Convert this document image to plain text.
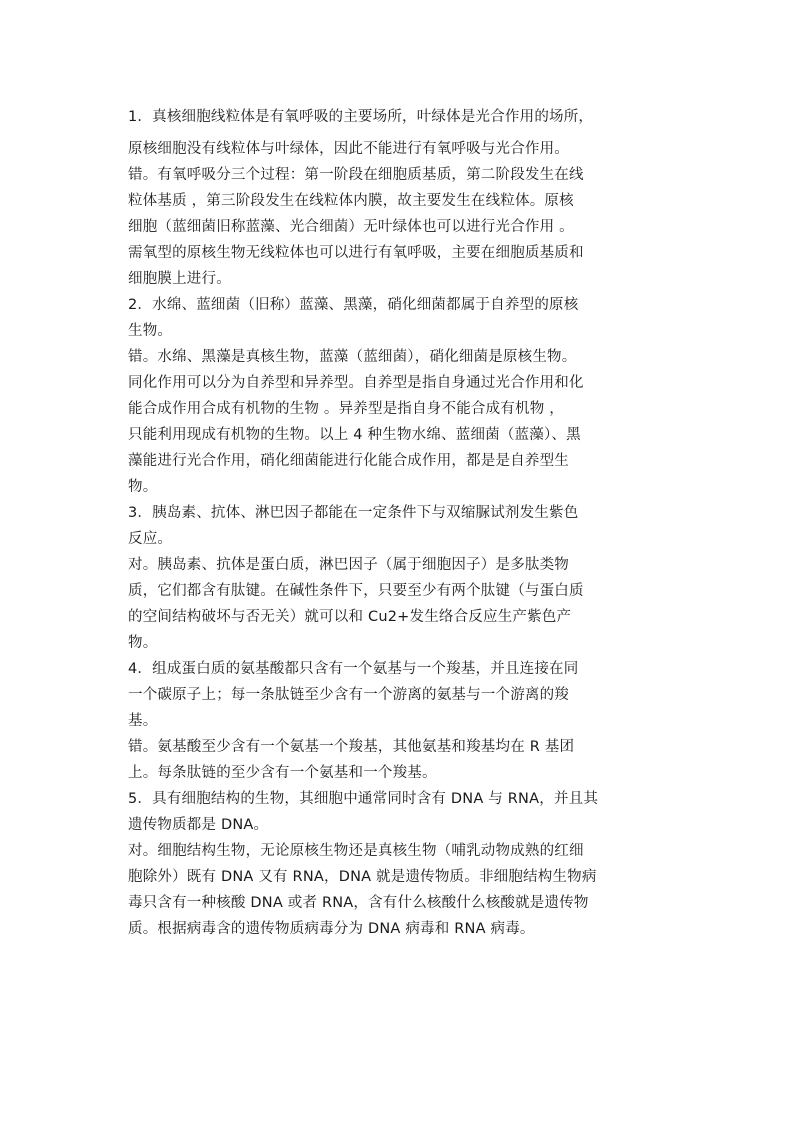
1．真核细胞线粒体是有氧呼吸的主要场所，叶绿体是光合作用的场所，
原核细胞没有线粒体与叶绿体，因此不能进行有氧呼吸与光合作用。
错。有氧呼吸分三个过程：第一阶段在细胞质基质，第二阶段发生在线
粒体基质 ，第三阶段发生在线粒体内膜，故主要发生在线粒体。原核
细胞（蓝细菌旧称蓝藻、光合细菌）无叶绿体也可以进行光合作用 。
需氧型的原核生物无线粒体也可以进行有氧呼吸，主要在细胞质基质和
细胞膜上进行。
2．水绵、蓝细菌（旧称）蓝藻、黑藻，硝化细菌都属于自养型的原核
生物。
错。水绵、黑藻是真核生物，蓝藻（蓝细菌），硝化细菌是原核生物。
同化作用可以分为自养型和异养型。自养型是指自身通过光合作用和化
能合成作用合成有机物的生物 。异养型是指自身不能合成有机物 ，
只能利用现成有机物的生物。以上 4 种生物水绵、蓝细菌（蓝藻）、黑
藻能进行光合作用，硝化细菌能进行化能合成作用，都是是自养型生
物。
3．胰岛素、抗体、淋巴因子都能在一定条件下与双缩脲试剂发生紫色
反应。
对。胰岛素、抗体是蛋白质，淋巴因子（属于细胞因子）是多肽类物
质，它们都含有肽键。在碱性条件下，只要至少有两个肽键（与蛋白质
的空间结构破坏与否无关）就可以和 Cu2+发生络合反应生产紫色产
物。
4．组成蛋白质的氨基酸都只含有一个氨基与一个羧基，并且连接在同
一个碳原子上；每一条肽链至少含有一个游离的氨基与一个游离的羧
基。
错。氨基酸至少含有一个氨基一个羧基，其他氨基和羧基均在 R 基团
上。每条肽链的至少含有一个氨基和一个羧基。
5．具有细胞结构的生物，其细胞中通常同时含有 DNA 与 RNA，并且其
遗传物质都是 DNA。
对。细胞结构生物，无论原核生物还是真核生物（哺乳动物成熟的红细
胞除外）既有 DNA 又有 RNA，DNA 就是遗传物质。非细胞结构生物病
毒只含有一种核酸 DNA 或者 RNA，含有什么核酸什么核酸就是遗传物
质。根据病毒含的遗传物质病毒分为 DNA 病毒和 RNA 病毒。
